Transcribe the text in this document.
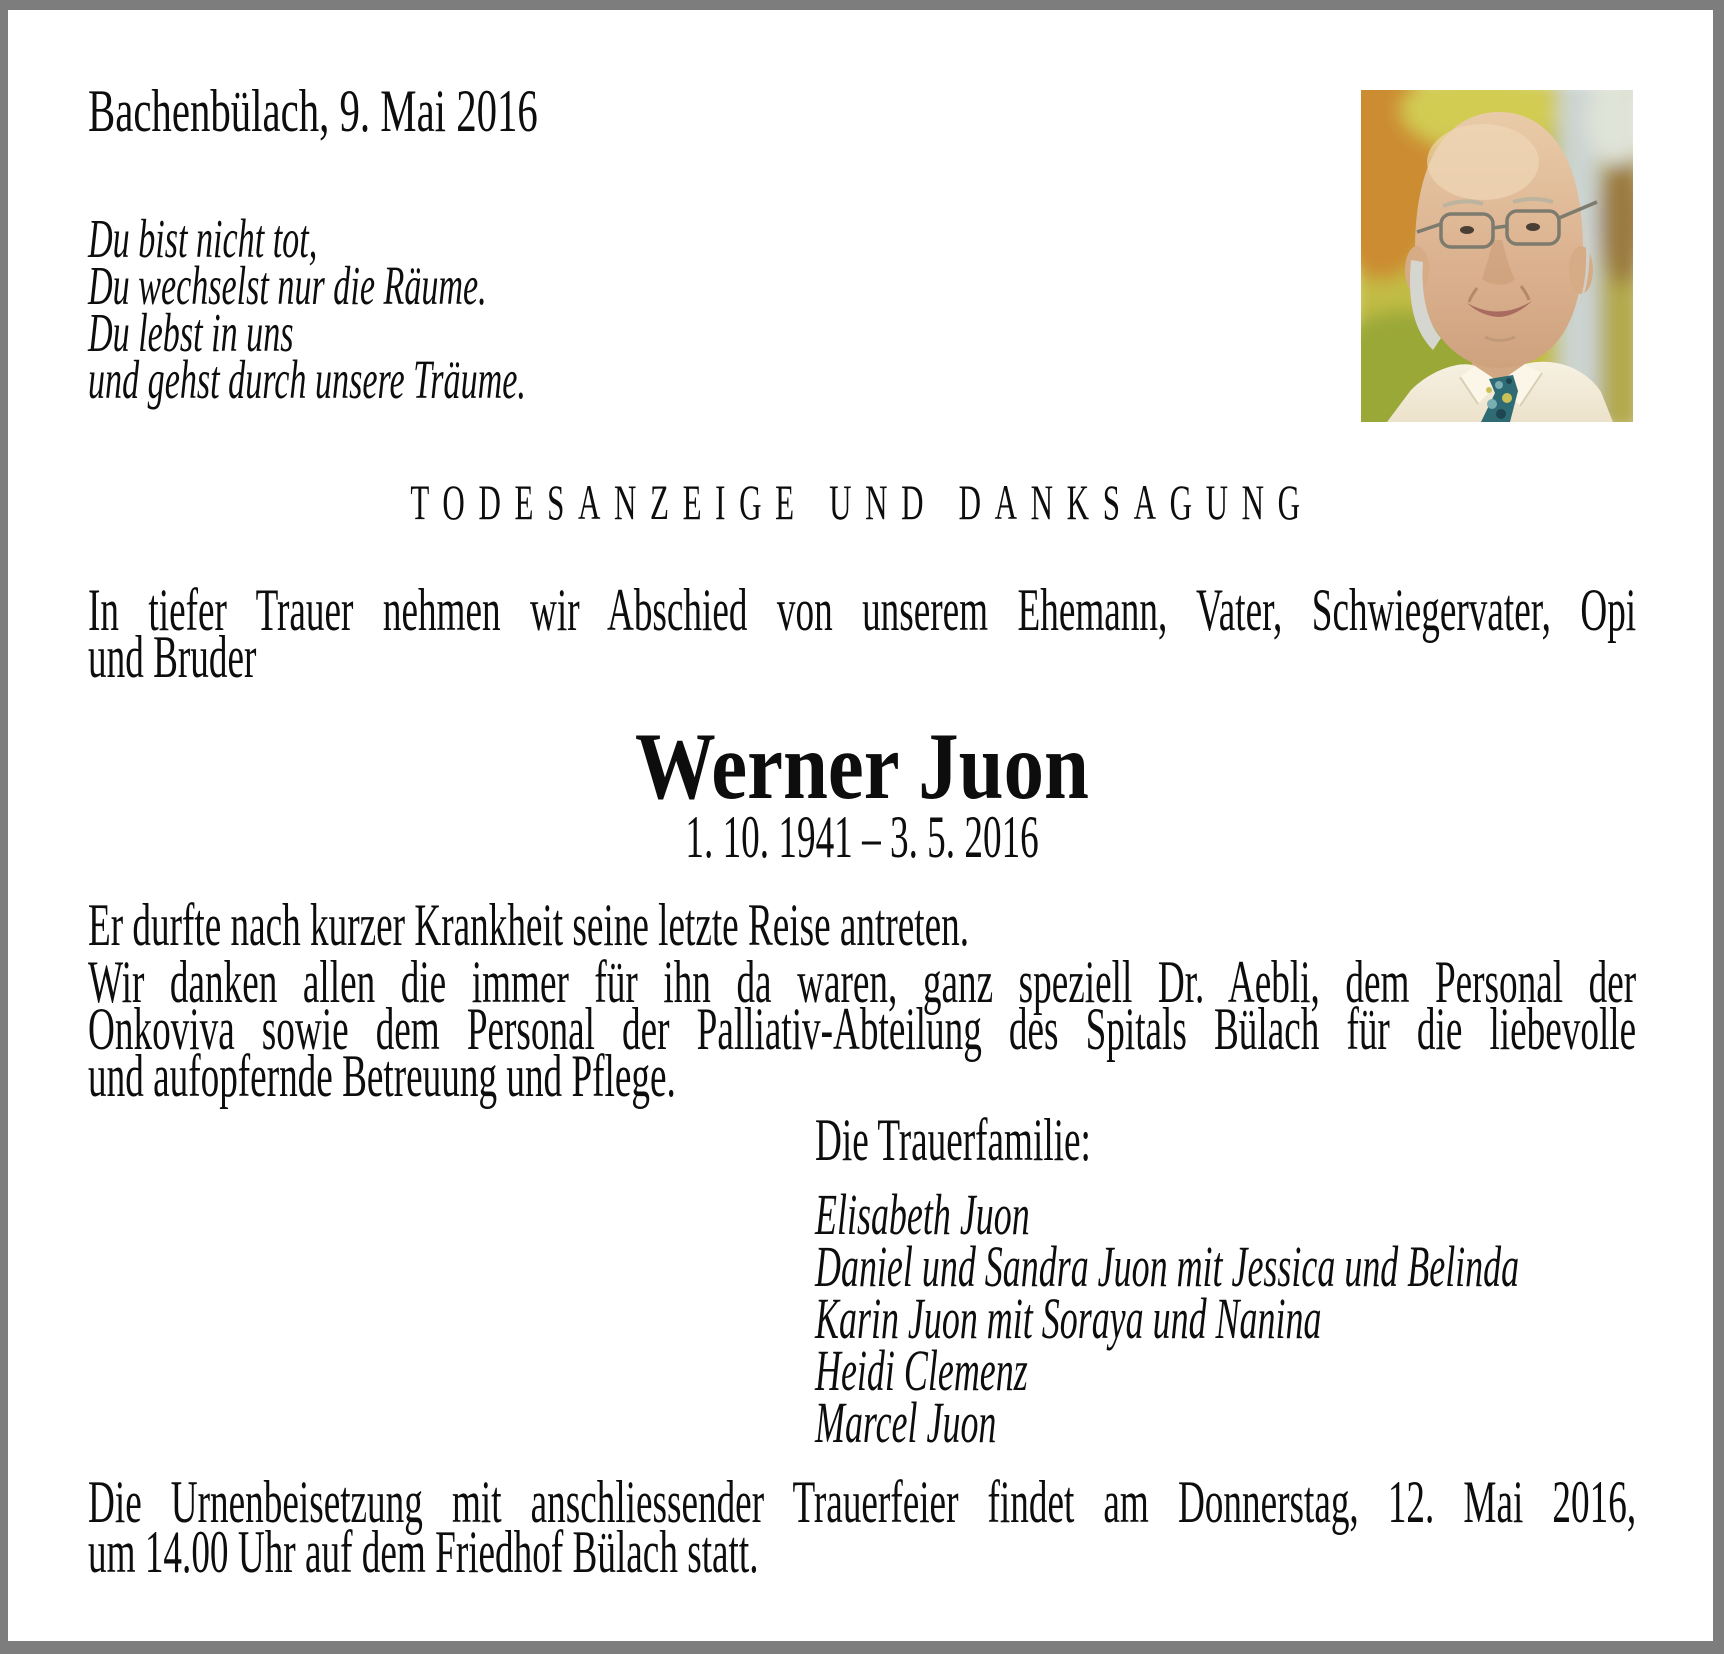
Bachenbülach, 9. Mai 2016
Du bist nicht tot,
Du wechselst nur die Räume.
Du lebst in uns
und gehst durch unsere Träume.
TODESANZEIGE UND DANKSAGUNG
In tiefer Trauer nehmen wir Abschied von unserem Ehemann, Vater, Schwiegervater, Opi
und Bruder
Werner Juon
1. 10. 1941 – 3. 5. 2016
Er durfte nach kurzer Krankheit seine letzte Reise antreten.
Wir danken allen die immer für ihn da waren, ganz speziell Dr. Aebli, dem Personal der
Onkoviva sowie dem Personal der Palliativ-Abteilung des Spitals Bülach für die liebevolle
und aufopfernde Betreuung und Pflege.
Die Trauerfamilie:
Elisabeth Juon
Daniel und Sandra Juon mit Jessica und Belinda
Karin Juon mit Soraya und Nanina
Heidi Clemenz
Marcel Juon
Die Urnenbeisetzung mit anschliessender Trauerfeier findet am Donnerstag, 12. Mai 2016,
um 14.00 Uhr auf dem Friedhof Bülach statt.
